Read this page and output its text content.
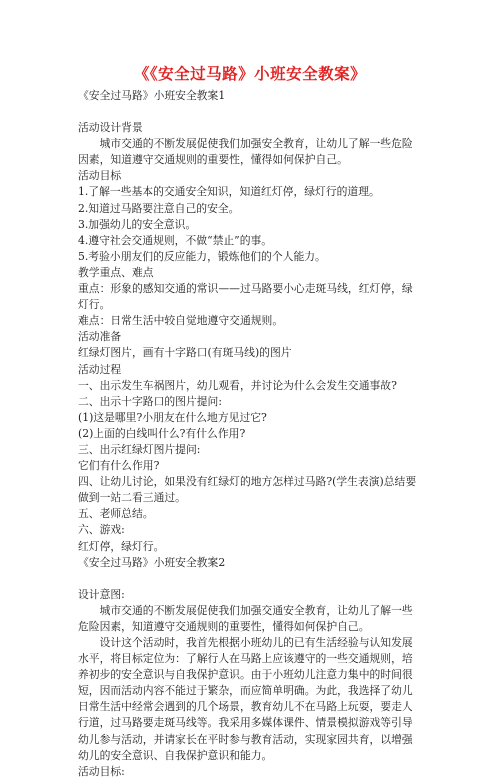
《《安全过马路》小班安全教案》

《安全过马路》小班安全教案1

活动设计背景

城市交通的不断发展促使我们加强安全教育，让幼儿了解一些危险因素，知道遵守交通规则的重要性，懂得如何保护自己。

活动目标

1.了解一些基本的交通安全知识，知道红灯停，绿灯行的道理。

2.知道过马路要注意自己的安全。

3.加强幼儿的安全意识。

4.遵守社会交通规则，不做“禁止”的事。

5.考验小朋友们的反应能力，锻炼他们的个人能力。

教学重点、难点

重点：形象的感知交通的常识——过马路要小心走斑马线，红灯停，绿灯行。

难点：日常生活中较自觉地遵守交通规则。

活动准备

红绿灯图片，画有十字路口(有斑马线)的图片

活动过程

一、出示发生车祸图片，幼儿观看，并讨论为什么会发生交通事故?

二、出示十字路口的图片提问:

(1)这是哪里?小朋友在什么地方见过它?

(2)上面的白线叫什么?有什么作用?

三、出示红绿灯图片提问:

它们有什么作用?

四、让幼儿讨论，如果没有红绿灯的地方怎样过马路?(学生表演)总结要做到一站二看三通过。

五、老师总结。

六、游戏:

红灯停，绿灯行。

《安全过马路》小班安全教案2

设计意图:

城市交通的不断发展促使我们加强交通安全教育，让幼儿了解一些危险因素，知道遵守交通规则的重要性，懂得如何保护自己。

设计这个活动时，我首先根据小班幼儿的已有生活经验与认知发展水平，将目标定位为：了解行人在马路上应该遵守的一些交通规则，培养初步的安全意识与自我保护意识。由于小班幼儿注意力集中的时间很短，因而活动内容不能过于繁杂，而应简单明确。为此，我选择了幼儿日常生活中经常会遇到的几个场景，教育幼儿不在马路上玩耍，要走人行道，过马路要走斑马线等。我采用多媒体课件、情景模拟游戏等引导幼儿参与活动，并请家长在平时参与教育活动，实现家园共育，以增强幼儿的安全意识、自我保护意识和能力。

活动目标:
